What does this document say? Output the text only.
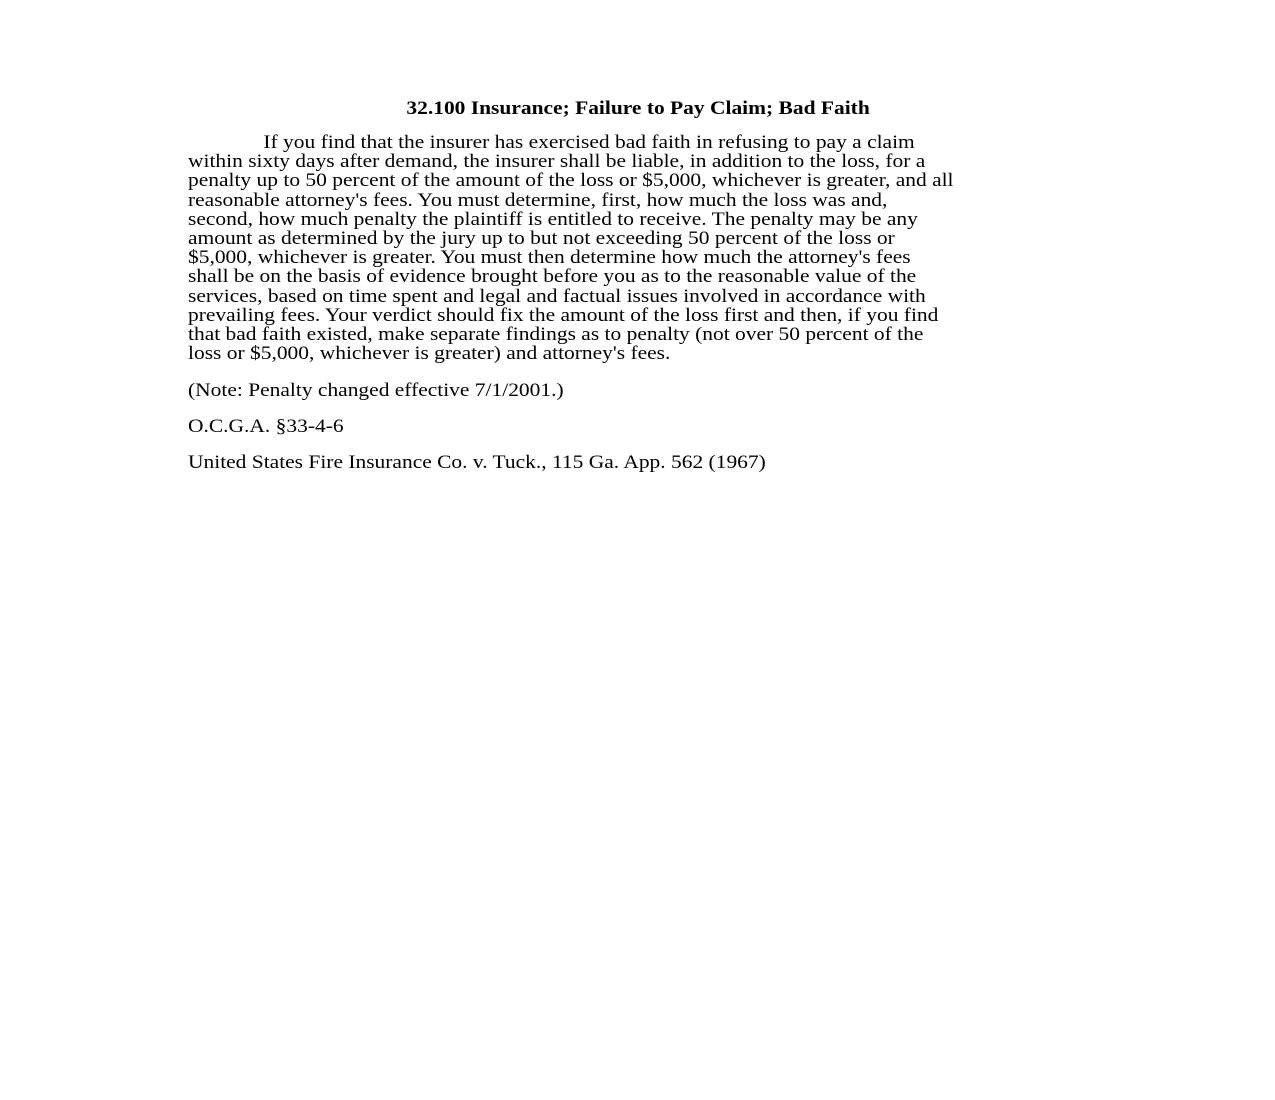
32.100 Insurance; Failure to Pay Claim; Bad Faith
If you find that the insurer has exercised bad faith in refusing to pay a claim
within sixty days after demand, the insurer shall be liable, in addition to the loss, for a
penalty up to 50 percent of the amount of the loss or $5,000, whichever is greater, and all
reasonable attorney's fees. You must determine, first, how much the loss was and,
second, how much penalty the plaintiff is entitled to receive. The penalty may be any
amount as determined by the jury up to but not exceeding 50 percent of the loss or
$5,000, whichever is greater. You must then determine how much the attorney's fees
shall be on the basis of evidence brought before you as to the reasonable value of the
services, based on time spent and legal and factual issues involved in accordance with
prevailing fees. Your verdict should fix the amount of the loss first and then, if you find
that bad faith existed, make separate findings as to penalty (not over 50 percent of the
loss or $5,000, whichever is greater) and attorney's fees.
(Note: Penalty changed effective 7/1/2001.)
O.C.G.A. §33-4-6
United States Fire Insurance Co. v. Tuck., 115 Ga. App. 562 (1967)
